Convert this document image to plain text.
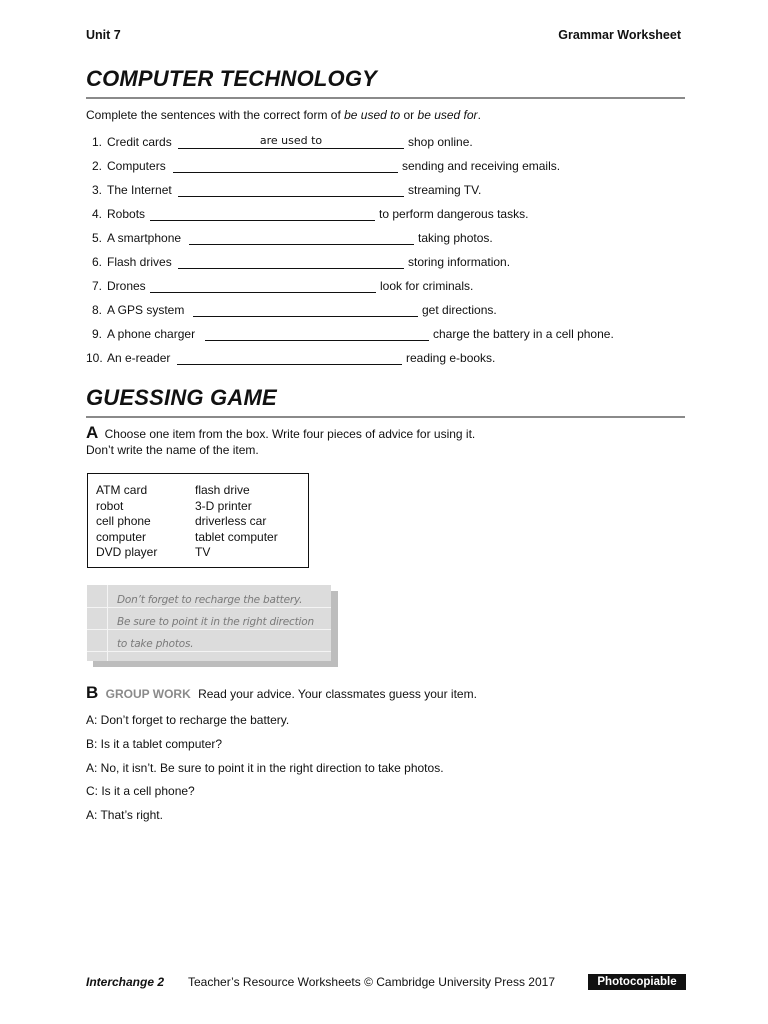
Unit 7	Grammar Worksheet
COMPUTER TECHNOLOGY
Complete the sentences with the correct form of be used to or be used for.
1. Credit cards	are used to	shop online.
2. Computers	sending and receiving emails.
3. The Internet	streaming TV.
4. Robots	to perform dangerous tasks.
5. A smartphone	taking photos.
6. Flash drives	storing information.
7. Drones	look for criminals.
8. A GPS system	get directions.
9. A phone charger	charge the battery in a cell phone.
10. An e-reader	reading e-books.
GUESSING GAME
A Choose one item from the box. Write four pieces of advice for using it.
Don’t write the name of the item.
ATM card
robot
cell phone
computer
DVD player
flash drive
3-D printer
driverless car
tablet computer
TV
Don’t forget to recharge the battery.
Be sure to point it in the right direction
to take photos.
B GROUP WORK Read your advice. Your classmates guess your item.
A: Don’t forget to recharge the battery.
B: Is it a tablet computer?
A: No, it isn’t. Be sure to point it in the right direction to take photos.
C: Is it a cell phone?
A: That’s right.
Interchange 2 Teacher’s Resource Worksheets © Cambridge University Press 2017	Photocopiable
